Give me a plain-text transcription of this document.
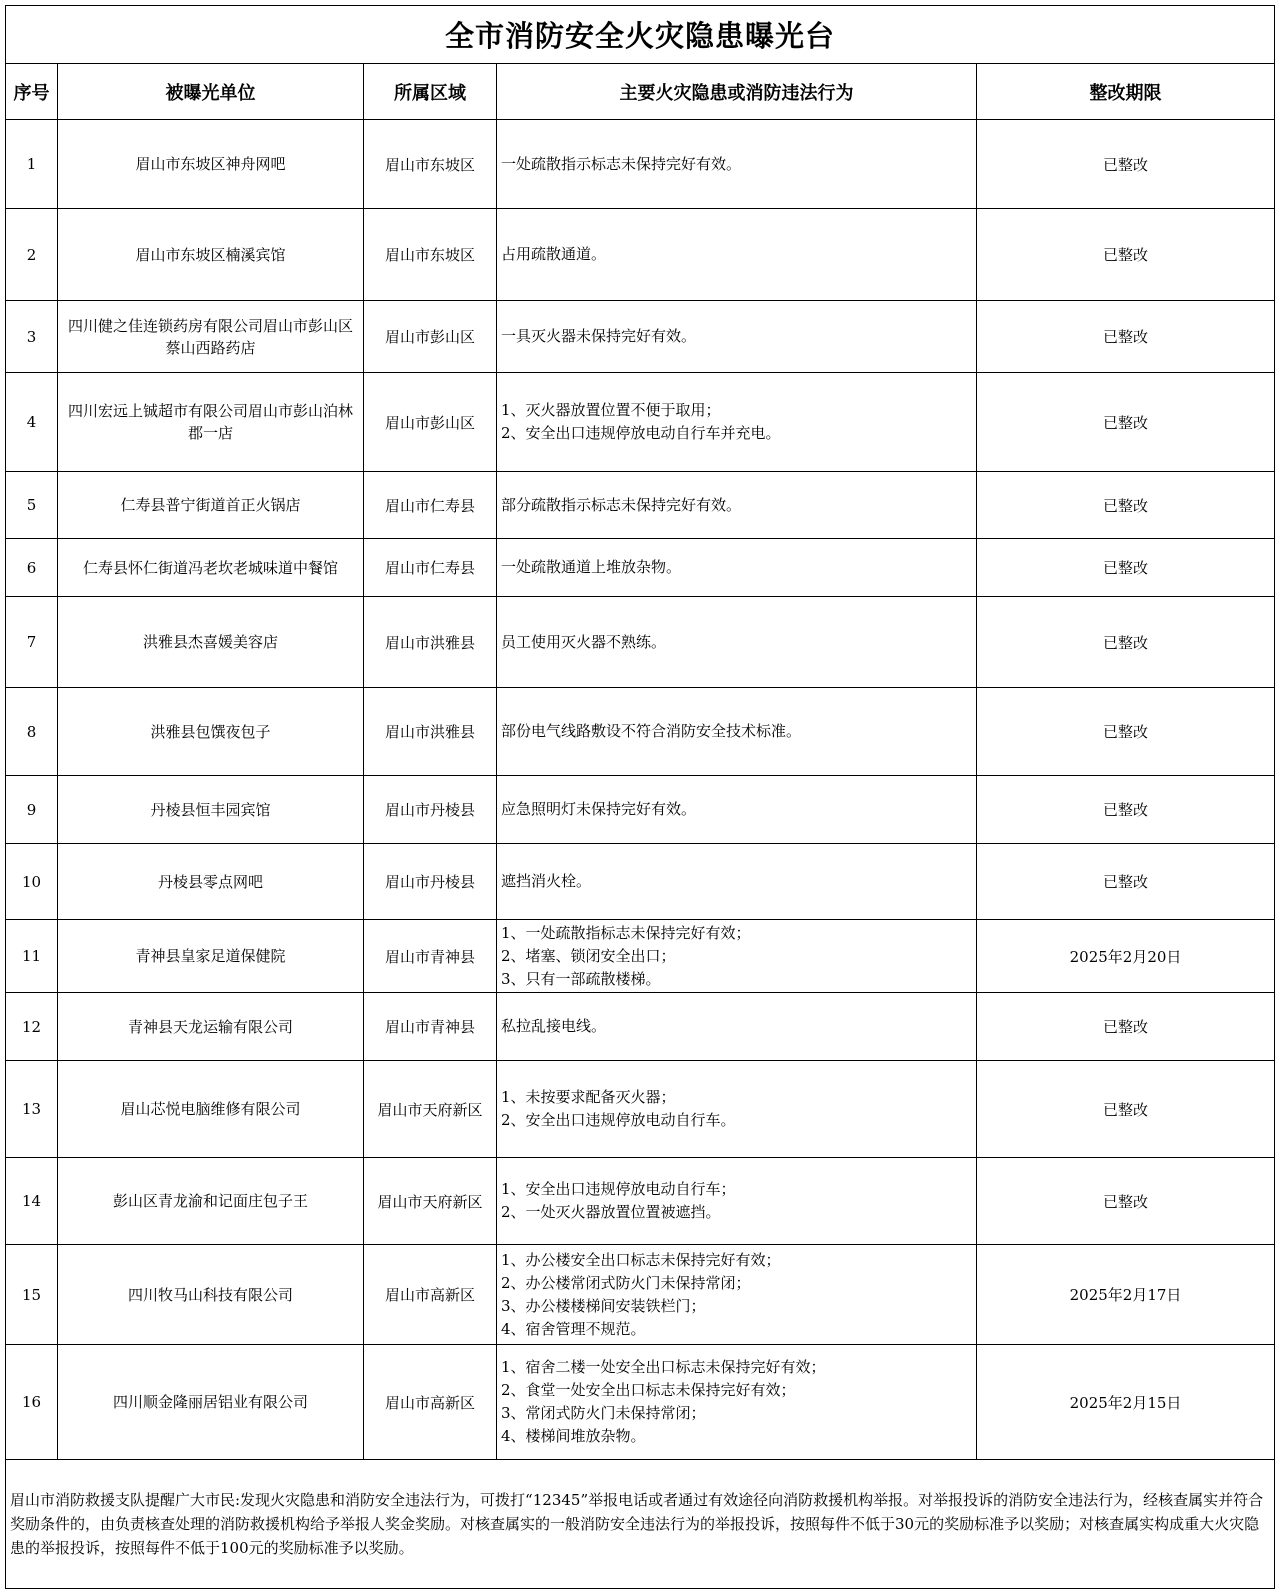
全市消防安全火灾隐患曝光台				
序号	被曝光单位	所属区域	主要火灾隐患或消防违法行为	整改期限
1	眉山市东坡区神舟网吧	眉山市东坡区	一处疏散指示标志未保持完好有效。	已整改
2	眉山市东坡区楠溪宾馆	眉山市东坡区	占用疏散通道。	已整改
3	四川健之佳连锁药房有限公司眉山市彭山区蔡山西路药店	眉山市彭山区	一具灭火器未保持完好有效。	已整改
4	四川宏远上铖超市有限公司眉山市彭山泊林郡一店	眉山市彭山区	1、灭火器放置位置不便于取用；
2、安全出口违规停放电动自行车并充电。	已整改
5	仁寿县普宁街道首正火锅店	眉山市仁寿县	部分疏散指示标志未保持完好有效。	已整改
6	仁寿县怀仁街道冯老坎老城味道中餐馆	眉山市仁寿县	一处疏散通道上堆放杂物。	已整改
7	洪雅县杰喜媛美容店	眉山市洪雅县	员工使用灭火器不熟练。	已整改
8	洪雅县包馔夜包子	眉山市洪雅县	部份电气线路敷设不符合消防安全技术标准。	已整改
9	丹棱县恒丰园宾馆	眉山市丹棱县	应急照明灯未保持完好有效。	已整改
10	丹棱县零点网吧	眉山市丹棱县	遮挡消火栓。	已整改
11	青神县皇家足道保健院	眉山市青神县	1、一处疏散指标志未保持完好有效；
2、堵塞、锁闭安全出口；
3、只有一部疏散楼梯。	2025年2月20日
12	青神县天龙运输有限公司	眉山市青神县	私拉乱接电线。	已整改
13	眉山芯悦电脑维修有限公司	眉山市天府新区	1、未按要求配备灭火器；
2、安全出口违规停放电动自行车。	已整改
14	彭山区青龙渝和记面庄包子王	眉山市天府新区	1、安全出口违规停放电动自行车；
2、一处灭火器放置位置被遮挡。	已整改
15	四川牧马山科技有限公司	眉山市高新区	1、办公楼安全出口标志未保持完好有效；
2、办公楼常闭式防火门未保持常闭；
3、办公楼楼梯间安装铁栏门；
4、宿舍管理不规范。	2025年2月17日
16	四川顺金隆丽居铝业有限公司	眉山市高新区	1、宿舍二楼一处安全出口标志未保持完好有效；
2、食堂一处安全出口标志未保持完好有效；
3、常闭式防火门未保持常闭；
4、楼梯间堆放杂物。	2025年2月15日
眉山市消防救援支队提醒广大市民:发现火灾隐患和消防安全违法行为，可拨打“12345”举报电话或者通过有效途径向消防救援机构举报。对举报投诉的消防安全违法行为，经核查属实并符合奖励条件的，由负责核查处理的消防救援机构给予举报人奖金奖励。对核查属实的一般消防安全违法行为的举报投诉，按照每件不低于30元的奖励标准予以奖励；对核查属实构成重大火灾隐患的举报投诉，按照每件不低于100元的奖励标准予以奖励。				
